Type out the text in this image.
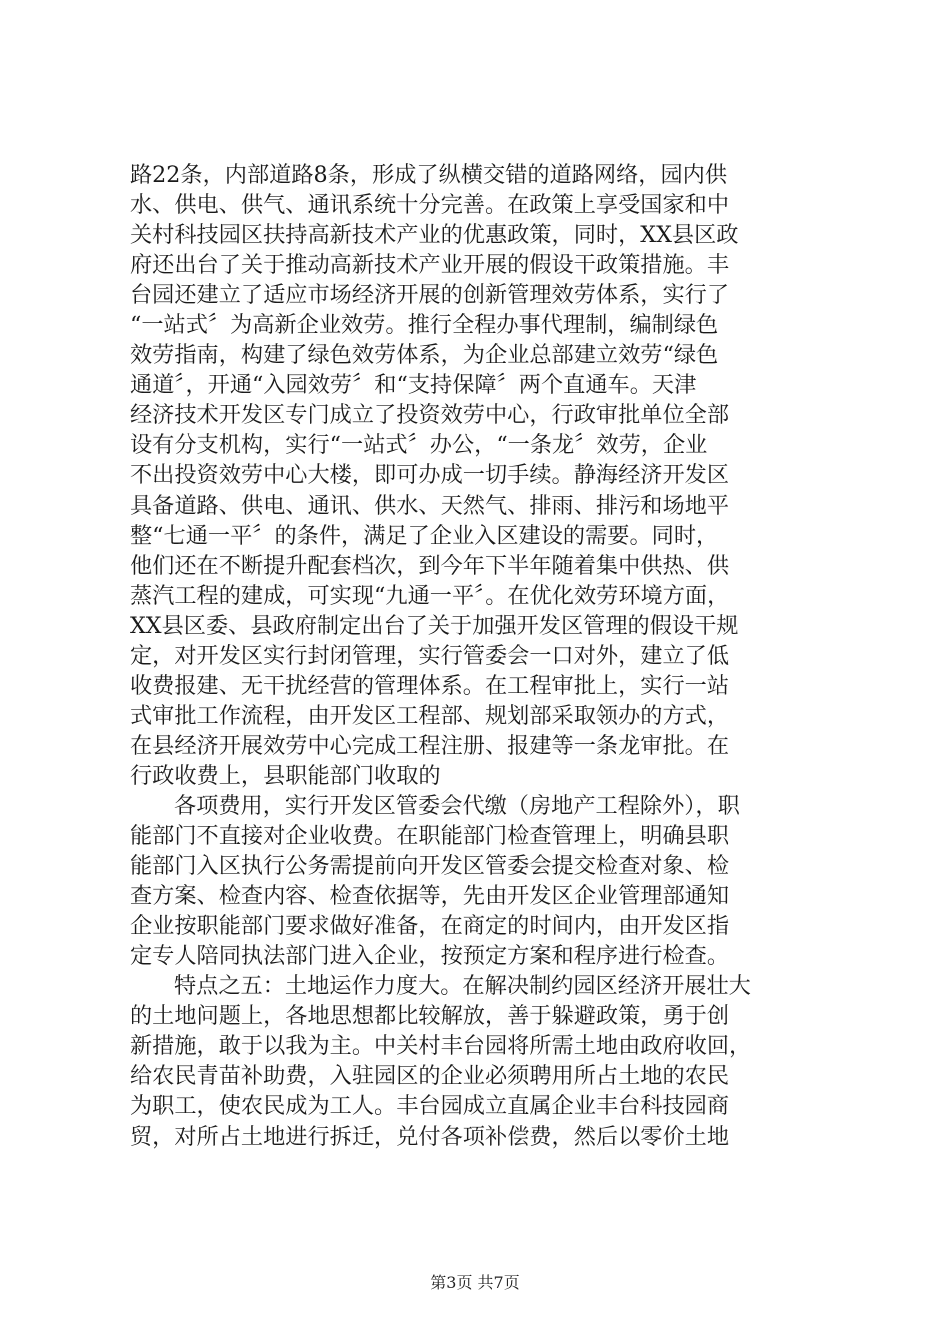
路22条，内部道路8条，形成了纵横交错的道路网络，园内供
水、供电、供气、通讯系统十分完善。在政策上享受国家和中
关村科技园区扶持高新技术产业的优惠政策，同时，XX县区政
府还出台了关于推动高新技术产业开展的假设干政策措施。丰
台园还建立了适应市场经济开展的创新管理效劳体系，实行了
“一站式〞为高新企业效劳。推行全程办事代理制，编制绿色
效劳指南，构建了绿色效劳体系，为企业总部建立效劳“绿色
通道〞，开通“入园效劳〞和“支持保障〞两个直通车。天津
经济技术开发区专门成立了投资效劳中心，行政审批单位全部
设有分支机构，实行“一站式〞办公，“一条龙〞效劳，企业
不出投资效劳中心大楼，即可办成一切手续。静海经济开发区
具备道路、供电、通讯、供水、天然气、排雨、排污和场地平
整“七通一平〞的条件，满足了企业入区建设的需要。同时，
他们还在不断提升配套档次，到今年下半年随着集中供热、供
蒸汽工程的建成，可实现“九通一平〞。在优化效劳环境方面，
XX县区委、县政府制定出台了关于加强开发区管理的假设干规
定，对开发区实行封闭管理，实行管委会一口对外，建立了低
收费报建、无干扰经营的管理体系。在工程审批上，实行一站
式审批工作流程，由开发区工程部、规划部采取领办的方式，
在县经济开展效劳中心完成工程注册、报建等一条龙审批。在
行政收费上，县职能部门收取的
各项费用，实行开发区管委会代缴（房地产工程除外），职
能部门不直接对企业收费。在职能部门检查管理上，明确县职
能部门入区执行公务需提前向开发区管委会提交检查对象、检
查方案、检查内容、检查依据等，先由开发区企业管理部通知
企业按职能部门要求做好准备，在商定的时间内，由开发区指
定专人陪同执法部门进入企业，按预定方案和程序进行检查。
特点之五：土地运作力度大。在解决制约园区经济开展壮大
的土地问题上，各地思想都比较解放，善于躲避政策，勇于创
新措施，敢于以我为主。中关村丰台园将所需土地由政府收回，
给农民青苗补助费，入驻园区的企业必须聘用所占土地的农民
为职工，使农民成为工人。丰台园成立直属企业丰台科技园商
贸，对所占土地进行拆迁，兑付各项补偿费，然后以零价土地
第3页 共7页
